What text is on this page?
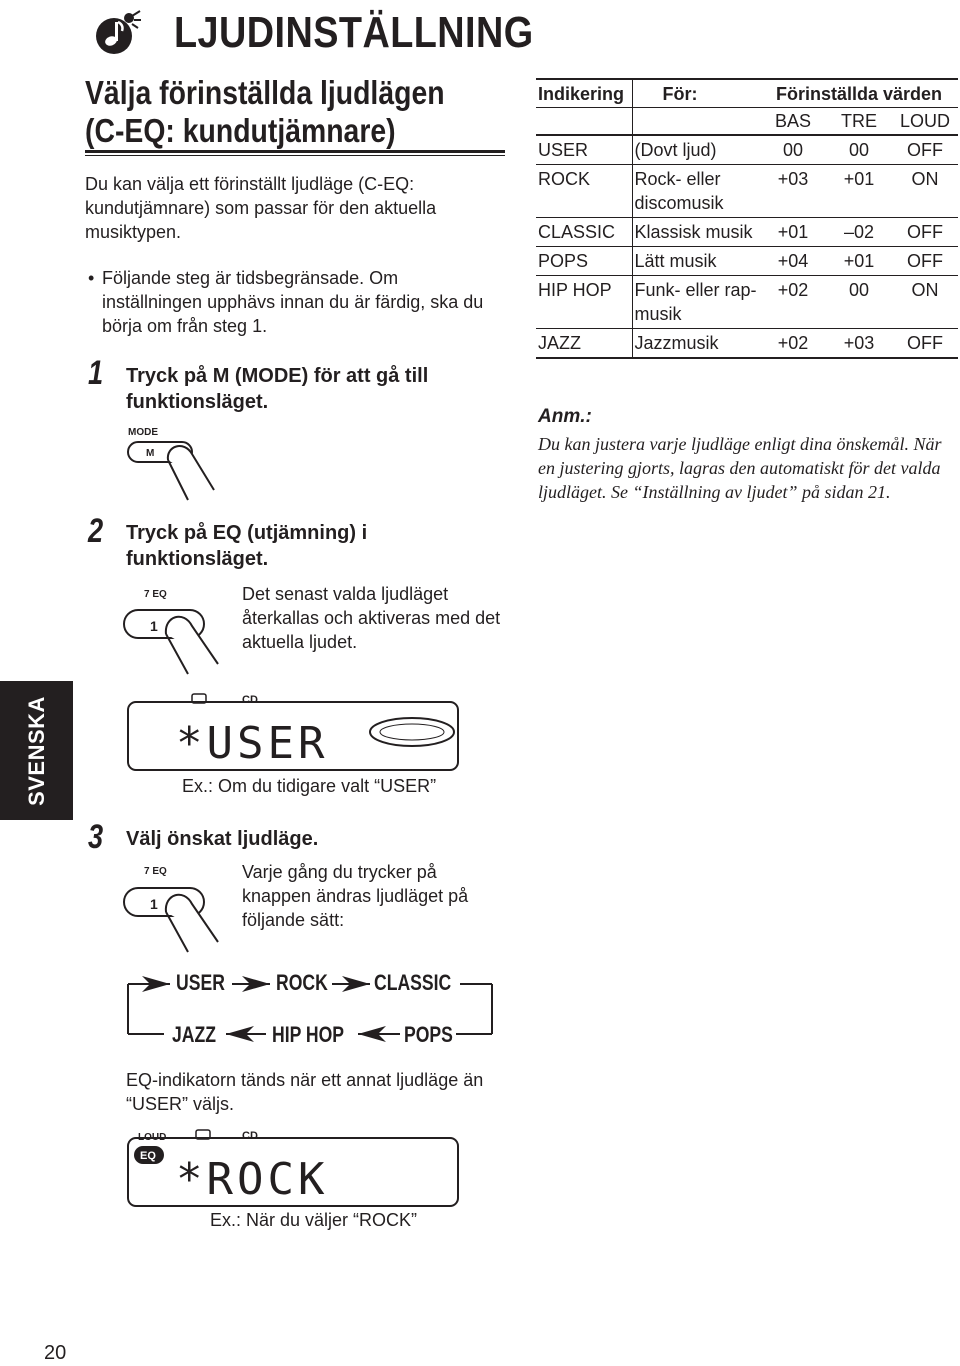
LJUDINSTÄLLNING
Välja förinställda ljudlägen
(C-EQ: kundutjämnare)
Du kan välja ett förinställt ljudläge (C-EQ: kundutjämnare) som passar för den aktuella musiktypen.
• Följande steg är tidsbegränsade. Om inställningen upphävs innan du är färdig, ska du börja om från steg 1.
1 Tryck på M (MODE) för att gå till funktionsläget.
MODE
M
2 Tryck på EQ (utjämning) i funktionsläget.
7 EQ
1
Det senast valda ljudläget återkallas och aktiveras med det aktuella ljudet.
Indikering	För:	Förinställda värden		
		BAS	TRE	LOUD
USER	(Dovt ljud)	00	00	OFF
ROCK	Rock- eller discomusik	+03	+01	ON
CLASSIC	Klassisk musik	+01	–02	OFF
POPS	Lätt musik	+04	+01	OFF
HIP HOP	Funk- eller rap-musik	+02	00	ON
JAZZ	Jazzmusik	+02	+03	OFF
Anm.:
Du kan justera varje ljudläge enligt dina önskemål. När en justering gjorts, lagras den automatiskt för det valda ljudläget. Se “Inställning av ljudet” på sidan 21.
SVENSKA	CD
*USER
Ex.: Om du tidigare valt “USER”
3 Välj önskat ljudläge.
7 EQ
1
Varje gång du trycker på knappen ändras ljudläget på följande sätt:
USER ROCK CLASSIC
JAZZ	HIP HOP	POPS
EQ-indikatorn tänds när ett annat ljudläge än “USER” väljs.
LOUD
EQ
CD
*ROCK
Ex.: När du väljer “ROCK”
20
